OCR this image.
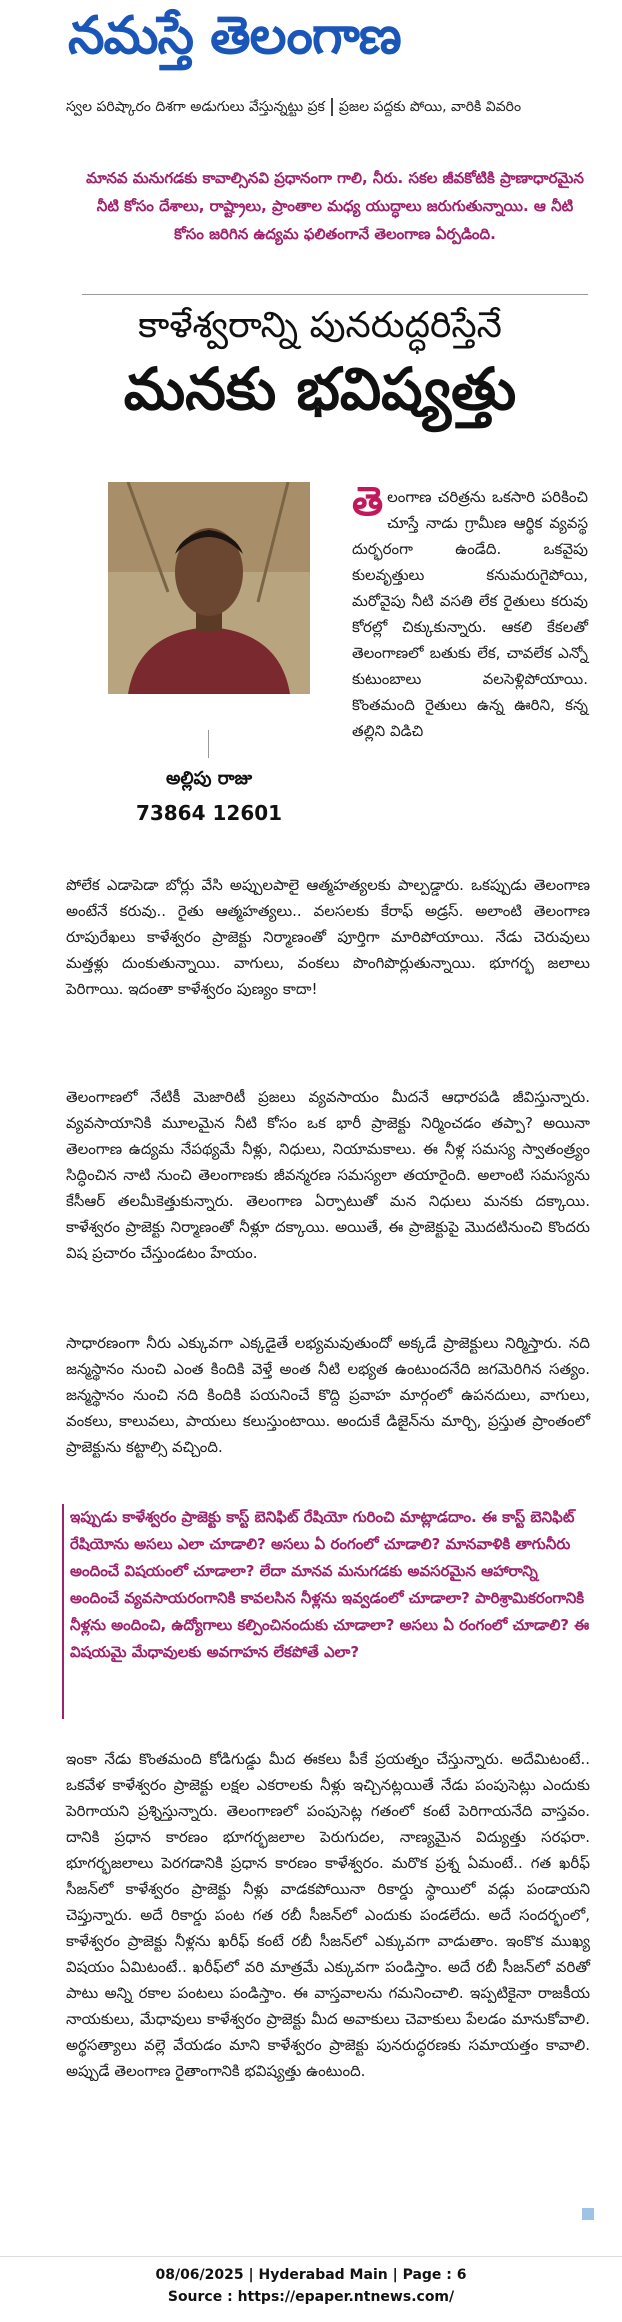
నమస్తే తెలంగాణ
స్వల పరిష్కారం దిశగా అడుగులు వేస్తున్నట్టు ప్రక ప్రజల పద్దకు పోయి, వారికి వివరిం
మానవ మనుగడకు కావాల్సినవి ప్రధానంగా గాలి, నీరు. సకల జీవకోటికి ప్రాణాధారమైన నీటి కోసం దేశాలు, రాష్ట్రాలు, ప్రాంతాల మధ్య యుద్ధాలు జరుగుతున్నాయి. ఆ నీటి కోసం జరిగిన ఉద్యమ ఫలితంగానే తెలంగాణ ఏర్పడింది.
కాళేశ్వరాన్ని పునరుద్ధరిస్తేనే
మనకు భవిష్యత్తు
అల్లిపు రాజు
73864 12601
తెలంగాణ చరిత్రను ఒకసారి పరికించి చూస్తే నాడు గ్రామీణ ఆర్థిక వ్యవస్థ దుర్భరంగా ఉండేది. ఒకవైపు కులవృత్తులు కనుమరుగైపోయి, మరోవైపు నీటి వసతి లేక రైతులు కరువు కోరల్లో చిక్కుకున్నారు. ఆకలి కేకలతో తెలంగాణలో బతుకు లేక, చావలేక ఎన్నో కుటుంబాలు వలసెళ్లిపోయాయి. కొంతమంది రైతులు ఉన్న ఊరిని, కన్న తల్లిని విడిచి
పోలేక ఎడాపెడా బోర్లు వేసి అప్పులపాలై ఆత్మహత్యలకు పాల్పడ్డారు. ఒకప్పుడు తెలంగాణ అంటేనే కరువు.. రైతు ఆత్మహత్యలు.. వలసలకు కేరాఫ్ అడ్రస్. అలాంటి తెలంగాణ రూపురేఖలు కాళేశ్వరం ప్రాజెక్టు నిర్మాణంతో పూర్తిగా మారిపోయాయి. నేడు చెరువులు మత్తళ్లు దుంకుతున్నాయి. వాగులు, వంకలు పొంగిపొర్లుతున్నాయి. భూగర్భ జలాలు పెరిగాయి. ఇదంతా కాళేశ్వరం పుణ్యం కాదా!
తెలంగాణలో నేటికీ మెజారిటీ ప్రజలు వ్యవసాయం మీదనే ఆధారపడి జీవిస్తున్నారు. వ్యవసాయానికి మూలమైన నీటి కోసం ఒక భారీ ప్రాజెక్టు నిర్మించడం తప్పా? అయినా తెలంగాణ ఉద్యమ నేపథ్యమే నీళ్లు, నిధులు, నియామకాలు. ఈ నీళ్ల సమస్య స్వాతంత్ర్యం సిద్ధించిన నాటి నుంచి తెలంగాణకు జీవన్మరణ సమస్యలా తయారైంది. అలాంటి సమస్యను కేసీఆర్ తలమీకెత్తుకున్నారు. తెలంగాణ ఏర్పాటుతో మన నిధులు మనకు దక్కాయి. కాళేశ్వరం ప్రాజెక్టు నిర్మాణంతో నీళ్లూ దక్కాయి. అయితే, ఈ ప్రాజెక్టుపై మొదటినుంచి కొందరు విష ప్రచారం చేస్తుండటం హేయం.
సాధారణంగా నీరు ఎక్కువగా ఎక్కడైతే లభ్యమవుతుందో అక్కడే ప్రాజెక్టులు నిర్మిస్తారు. నది జన్మస్థానం నుంచి ఎంత కిందికి వెళ్తే అంత నీటి లభ్యత ఉంటుందనేది జగమెరిగిన సత్యం. జన్మస్థానం నుంచి నది కిందికి పయనించే కొద్ది ప్రవాహ మార్గంలో ఉపనదులు, వాగులు, వంకలు, కాలువలు, పాయలు కలుస్తుంటాయి. అందుకే డిజైన్‌ను మార్చి, ప్రస్తుత ప్రాంతంలో ప్రాజెక్టును కట్టాల్సి వచ్చింది.
ఇప్పుడు కాళేశ్వరం ప్రాజెక్టు కాస్ట్ బెనిఫిట్ రేషియో గురించి మాట్లాడదాం. ఈ కాస్ట్ బెనిఫిట్ రేషియోను అసలు ఎలా చూడాలి? అసలు ఏ రంగంలో చూడాలి? మానవాళికి తాగునీరు అందించే విషయంలో చూడాలా? లేదా మానవ మనుగడకు అవసరమైన ఆహారాన్ని అందించే వ్యవసాయరంగానికి కావలసిన నీళ్లను ఇవ్వడంలో చూడాలా? పారిశ్రామికరంగానికి నీళ్లను అందించి, ఉద్యోగాలు కల్పించినందుకు చూడాలా? అసలు ఏ రంగంలో చూడాలి? ఈ విషయమై మేధావులకు అవగాహన లేకపోతే ఎలా?
ఇంకా నేడు కొంతమంది కోడిగుడ్డు మీద ఈకలు పీకే ప్రయత్నం చేస్తున్నారు. అదేమిటంటే.. ఒకవేళ కాళేశ్వరం ప్రాజెక్టు లక్షల ఎకరాలకు నీళ్లు ఇచ్చినట్లయితే నేడు పంపుసెట్లు ఎందుకు పెరిగాయని ప్రశ్నిస్తున్నారు. తెలంగాణలో పంపుసెట్ల గతంలో కంటే పెరిగాయనేది వాస్తవం. దానికి ప్రధాన కారణం భూగర్భజలాల పెరుగుదల, నాణ్యమైన విద్యుత్తు సరఫరా. భూగర్భజలాలు పెరగడానికి ప్రధాన కారణం కాళేశ్వరం. మరొక ప్రశ్న ఏమంటే.. గత ఖరీఫ్ సీజన్‌లో కాళేశ్వరం ప్రాజెక్టు నీళ్లు వాడకపోయినా రికార్డు స్థాయిలో వడ్లు పండాయని చెప్తున్నారు. అదే రికార్డు పంట గత రబీ సీజన్‌లో ఎందుకు పండలేదు. అదే సందర్భంలో, కాళేశ్వరం ప్రాజెక్టు నీళ్లను ఖరీఫ్ కంటే రబీ సీజన్‌లో ఎక్కువగా వాడుతాం. ఇంకొక ముఖ్య విషయం ఏమిటంటే.. ఖరీఫ్‌లో వరి మాత్రమే ఎక్కువగా పండిస్తాం. అదే రబీ సీజన్‌లో వరితో పాటు అన్ని రకాల పంటలు పండిస్తాం. ఈ వాస్తవాలను గమనించాలి. ఇప్పటికైనా రాజకీయ నాయకులు, మేధావులు కాళేశ్వరం ప్రాజెక్టు మీద అవాకులు చెవాకులు పేలడం మానుకోవాలి. అర్థసత్యాలు వల్లె వేయడం మాని కాళేశ్వరం ప్రాజెక్టు పునరుద్ధరణకు సమాయత్తం కావాలి. అప్పుడే తెలంగాణ రైతాంగానికి భవిష్యత్తు ఉంటుంది.
08/06/2025 | Hyderabad Main | Page : 6
Source : https://epaper.ntnews.com/
